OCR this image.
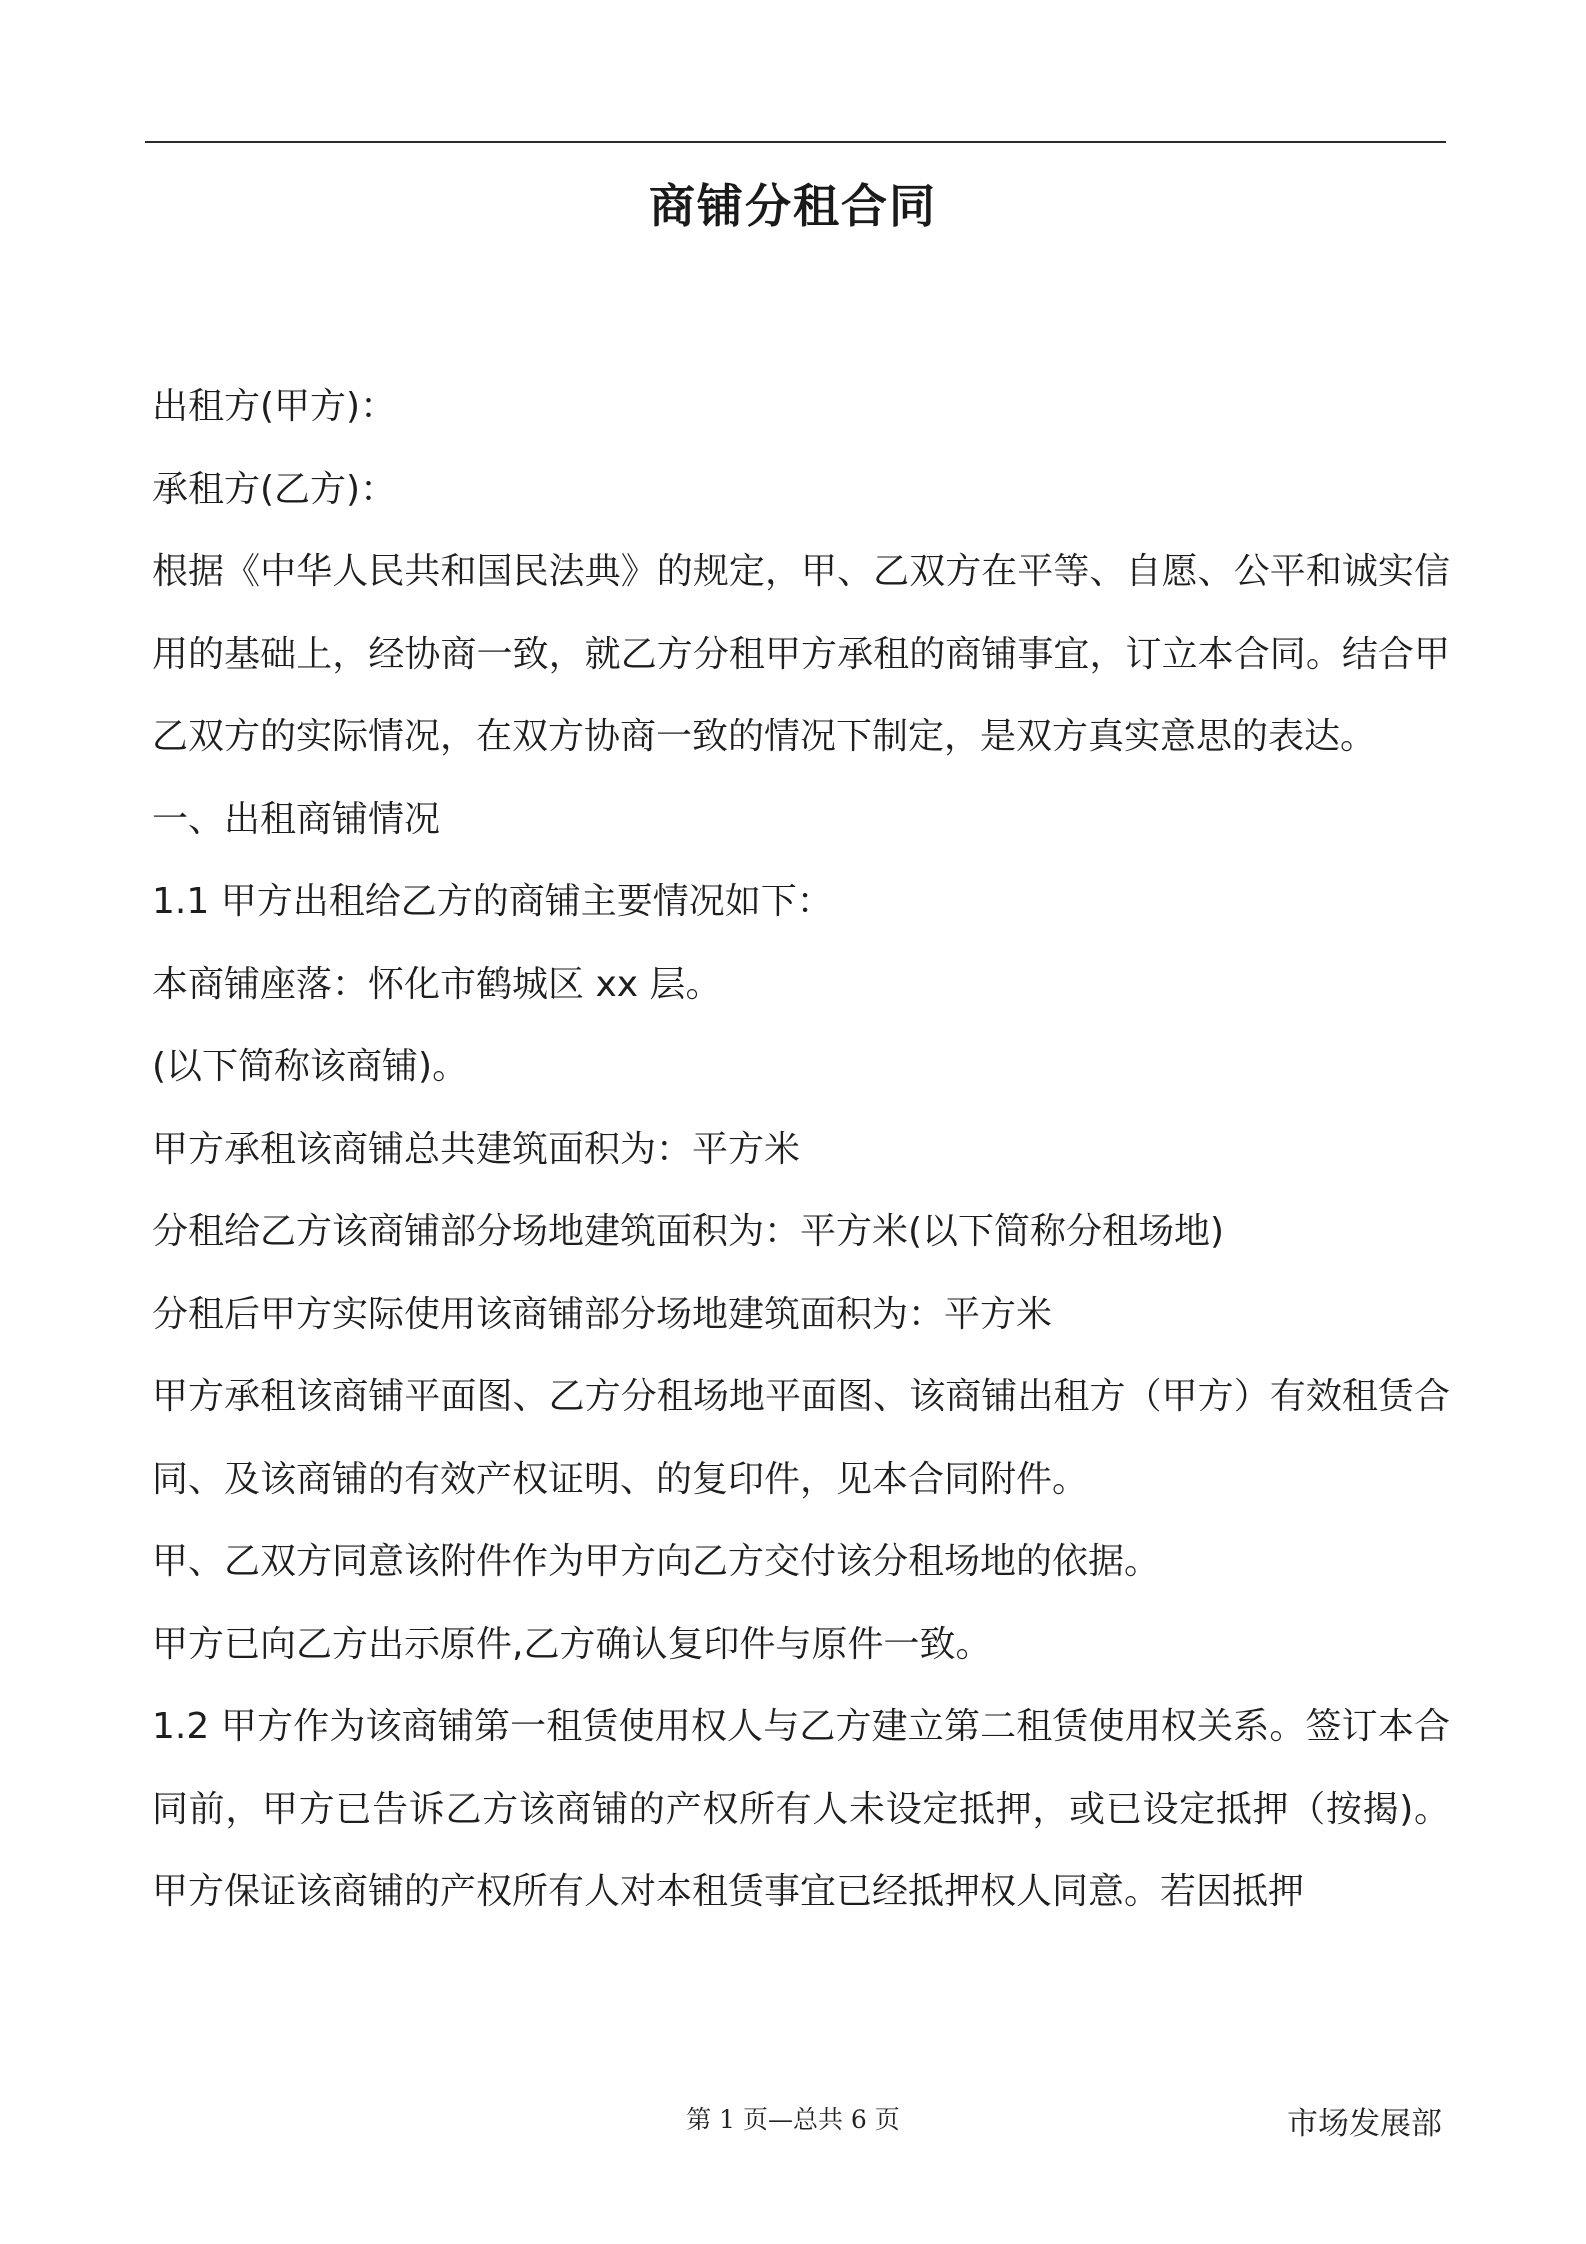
商铺分租合同

出租方(甲方)：

承租方(乙方)：

根据《中华人民共和国民法典》的规定，甲、乙双方在平等、自愿、公平和诚实信用的基础上，经协商一致，就乙方分租甲方承租的商铺事宜，订立本合同。结合甲乙双方的实际情况，在双方协商一致的情况下制定，是双方真实意思的表达。

一、出租商铺情况

1.1 甲方出租给乙方的商铺主要情况如下：

本商铺座落：怀化市鹤城区 xx 层。

(以下简称该商铺)。

甲方承租该商铺总共建筑面积为：平方米

分租给乙方该商铺部分场地建筑面积为：平方米(以下简称分租场地)

分租后甲方实际使用该商铺部分场地建筑面积为：平方米

甲方承租该商铺平面图、乙方分租场地平面图、该商铺出租方（甲方）有效租赁合同、及该商铺的有效产权证明、的复印件，见本合同附件。

甲、乙双方同意该附件作为甲方向乙方交付该分租场地的依据。

甲方已向乙方出示原件,乙方确认复印件与原件一致。

1.2 甲方作为该商铺第一租赁使用权人与乙方建立第二租赁使用权关系。签订本合同前，甲方已告诉乙方该商铺的产权所有人未设定抵押，或已设定抵押（按揭)。甲方保证该商铺的产权所有人对本租赁事宜已经抵押权人同意。若因抵押

第 1 页—总共 6 页	市场发展部
